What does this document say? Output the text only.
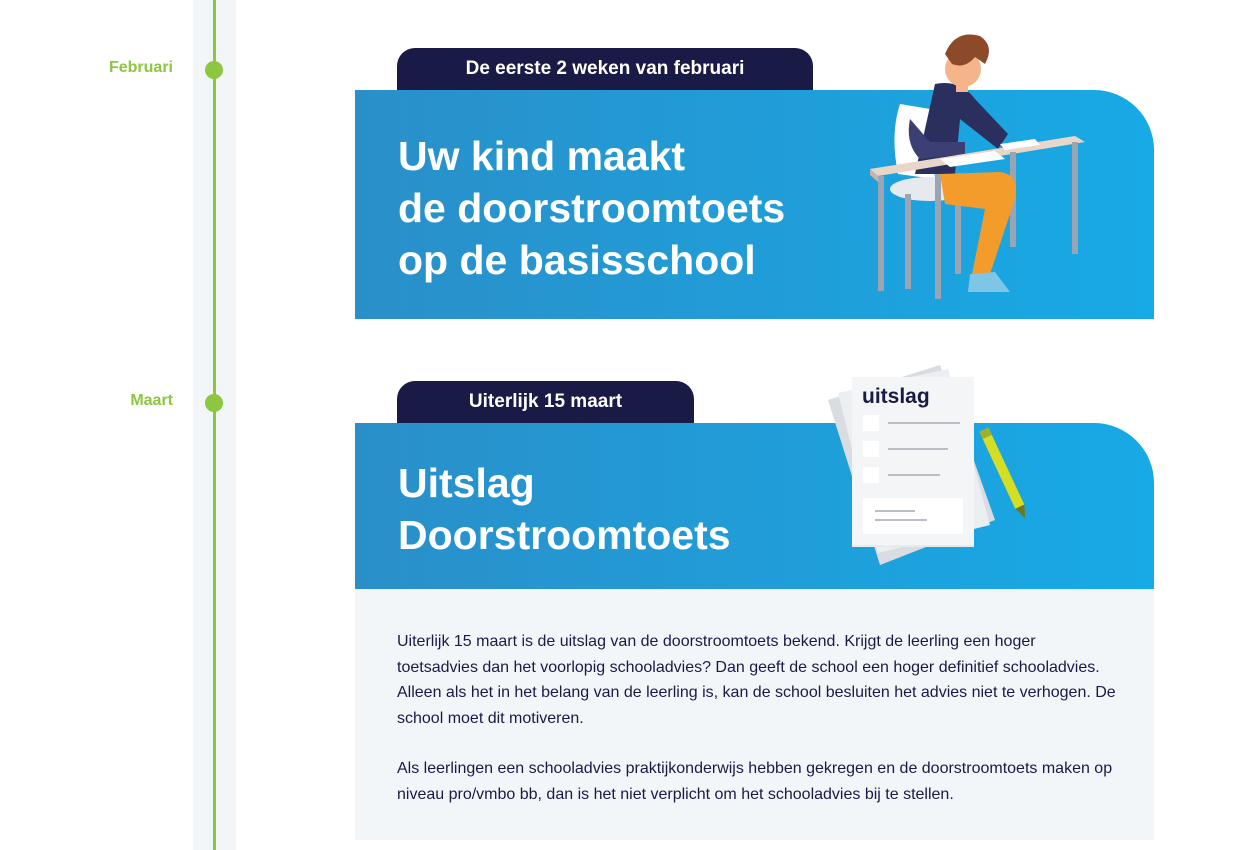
Februari	De eerste 2 weken van februari
Uw kind maakt
de doorstroomtoets
op de basisschool
Maart	Uiterlijk 15 maart
Uitslag
Doorstroomtoets
uitslag

Uiterlijk 15 maart is de uitslag van de doorstroomtoets bekend. Krijgt de leerling een hoger toetsadvies dan het voorlopig schooladvies? Dan geeft de school een hoger definitief schooladvies. Alleen als het in het belang van de leerling is, kan de school besluiten het advies niet te verhogen. De school moet dit motiveren.

Als leerlingen een schooladvies praktijkonderwijs hebben gekregen en de doorstroomtoets maken op niveau pro/vmbo bb, dan is het niet verplicht om het schooladvies bij te stellen.
